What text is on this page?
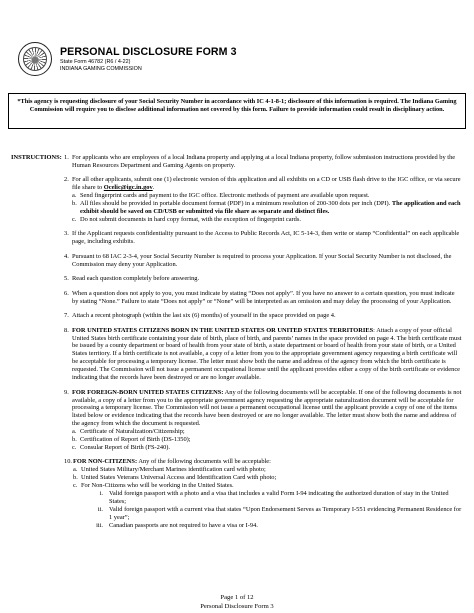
PERSONAL DISCLOSURE FORM 3
State Form 46782 (R6 / 4-22)
INDIANA GAMING COMMISSION
*This agency is requesting disclosure of your Social Security Number in accordance with IC 4-1-8-1; disclosure of this information is required. The Indiana Gaming Commission will require you to disclose additional information not covered by this form. Failure to provide information could result in disciplinary action.
INSTRUCTIONS: 1. For applicants who are employees of a local Indiana property and applying at a local Indiana property, follow submission instructions provided by the Human Resources Department and Gaming Agents on property.
2. For all other applicants, submit one (1) electronic version of this application and all exhibits on a CD or USB flash drive to the IGC office, or via secure file share to Ocelic@igc.in.gov.
a. Send fingerprint cards and payment to the IGC office. Electronic methods of payment are available upon request.
b. All files should be provided in portable document format (PDF) in a minimum resolution of 200-300 dots per inch (DPI). The application and each exhibit should be saved on CD/USB or submitted via file share as separate and distinct files.
c. Do not submit documents in hard copy format, with the exception of fingerprint cards.
3. If the Applicant requests confidentiality pursuant to the Access to Public Records Act, IC 5-14-3, then write or stamp “Confidential” on each applicable page, including exhibits.
4. Pursuant to 68 IAC 2-3-4, your Social Security Number is required to process your Application. If your Social Security Number is not disclosed, the Commission may deny your Application.
5. Read each question completely before answering.
6. When a question does not apply to you, you must indicate by stating “Does not apply”. If you have no answer to a certain question, you must indicate by stating “None.” Failure to state “Does not apply” or “None” will be interpreted as an omission and may delay the processing of your Application.
7. Attach a recent photograph (within the last six (6) months) of yourself in the space provided on page 4.
8. FOR UNITED STATES CITIZENS BORN IN THE UNITED STATES OR UNITED STATES TERRITORIES: Attach a copy of your official United States birth certificate containing your date of birth, place of birth, and parents’ names in the space provided on page 4. The birth certificate must be issued by a county department or board of health from your state of birth, a state department or board of health from your state of birth, or a United States territory. If a birth certificate is not available, a copy of a letter from you to the appropriate government agency requesting a birth certificate will be acceptable for processing a temporary license. The letter must show both the name and address of the agency from which the birth certificate is requested. The Commission will not issue a permanent occupational license until the applicant provides either a copy of the birth certificate or evidence indicating that the records have been destroyed or are no longer available.
9. FOR FOREIGN-BORN UNITED STATES CITIZENS: Any of the following documents will be acceptable. If one of the following documents is not available, a copy of a letter from you to the appropriate government agency requesting the appropriate naturalization document will be acceptable for processing a temporary license. The Commission will not issue a permanent occupational license until the applicant provide a copy of one of the items listed below or evidence indicating that the records have been destroyed or are no longer available. The letter must show both the name and address of the agency from which the document is requested.
a. Certificate of Naturalization/Citizenship;
b. Certification of Report of Birth (DS-1350);
c. Consular Report of Birth (FS-240).
10. FOR NON-CITIZENS: Any of the following documents will be acceptable:
a. United States Military/Merchant Marines identification card with photo;
b. United States Veterans Universal Access and Identification Card with photo;
c. For Non-Citizens who will be working in the United States.
i. Valid foreign passport with a photo and a visa that includes a valid Form I-94 indicating the authorized duration of stay in the United States;
ii. Valid foreign passport with a current visa that states “Upon Endorsement Serves as Temporary I-551 evidencing Permanent Residence for 1 year”;
iii. Canadian passports are not required to have a visa or I-94.
Page 1 of 12
Personal Disclosure Form 3
